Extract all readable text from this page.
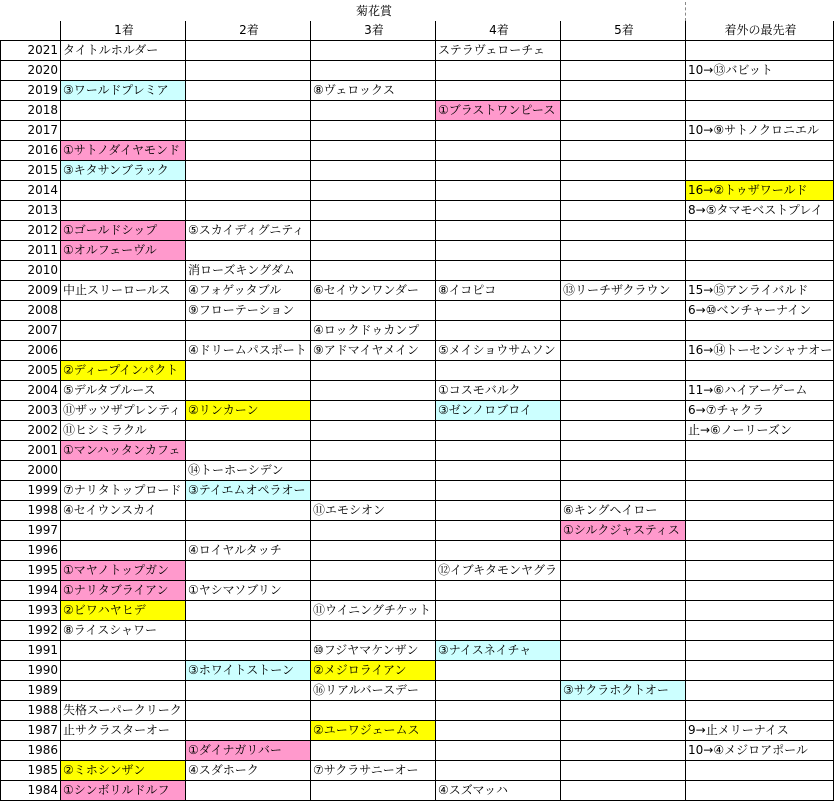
			菊花賞			
	1着	2着	3着	4着	5着	着外の最先着
2021	タイトルホルダー			ステラヴェローチェ		
2020						10→⑬バビット
2019	③ワールドプレミア		⑧ヴェロックス			
2018				①ブラストワンピース		
2017						10→⑨サトノクロニエル
2016	①サトノダイヤモンド					
2015	③キタサンブラック					
2014						16→②トゥザワールド
2013						8→⑤タマモベストプレイ
2012	①ゴールドシップ	⑤スカイディグニティ				
2011	①オルフェーヴル					
2010		消ローズキングダム				
2009	中止スリーロールス	④フォゲッタブル	⑥セイウンワンダー	⑧イコピコ	⑬リーチザクラウン	15→⑮アンライバルド
2008		⑨フローテーション				6→⑩ベンチャーナイン
2007			④ロックドゥカンプ			
2006		④ドリームパスポート	⑨アドマイヤメイン	⑤メイショウサムソン		16→⑭トーセンシャナオー
2005	②ディープインパクト					
2004	⑤デルタブルース			①コスモバルク		11→⑥ハイアーゲーム
2003	⑪ザッツザプレンティ	②リンカーン		③ゼンノロブロイ		6→⑦チャクラ
2002	⑪ヒシミラクル					止→⑥ノーリーズン
2001	①マンハッタンカフェ					
2000		⑭トーホーシデン				
1999	⑦ナリタトップロード	③テイエムオペラオー				
1998	④セイウンスカイ		⑪エモシオン		⑥キングヘイロー	
1997					①シルクジャスティス	
1996		④ロイヤルタッチ				
1995	①マヤノトップガン			⑫イブキタモンヤグラ		
1994	①ナリタブライアン	①ヤシマソブリン				
1993	②ビワハヤヒデ		⑪ウイニングチケット			
1992	⑧ライスシャワー					
1991			⑩フジヤマケンザン	③ナイスネイチャ		
1990		③ホワイトストーン	②メジロライアン			
1989			⑯リアルバースデー		③サクラホクトオー	
1988	失格スーパークリーク					
1987	止サクラスターオー		②ユーワジェームス			9→止メリーナイス
1986		①ダイナガリバー				10→④メジロアポール
1985	②ミホシンザン	④スダホーク	⑦サクラサニーオー			
1984	①シンボリルドルフ			④スズマッハ		
